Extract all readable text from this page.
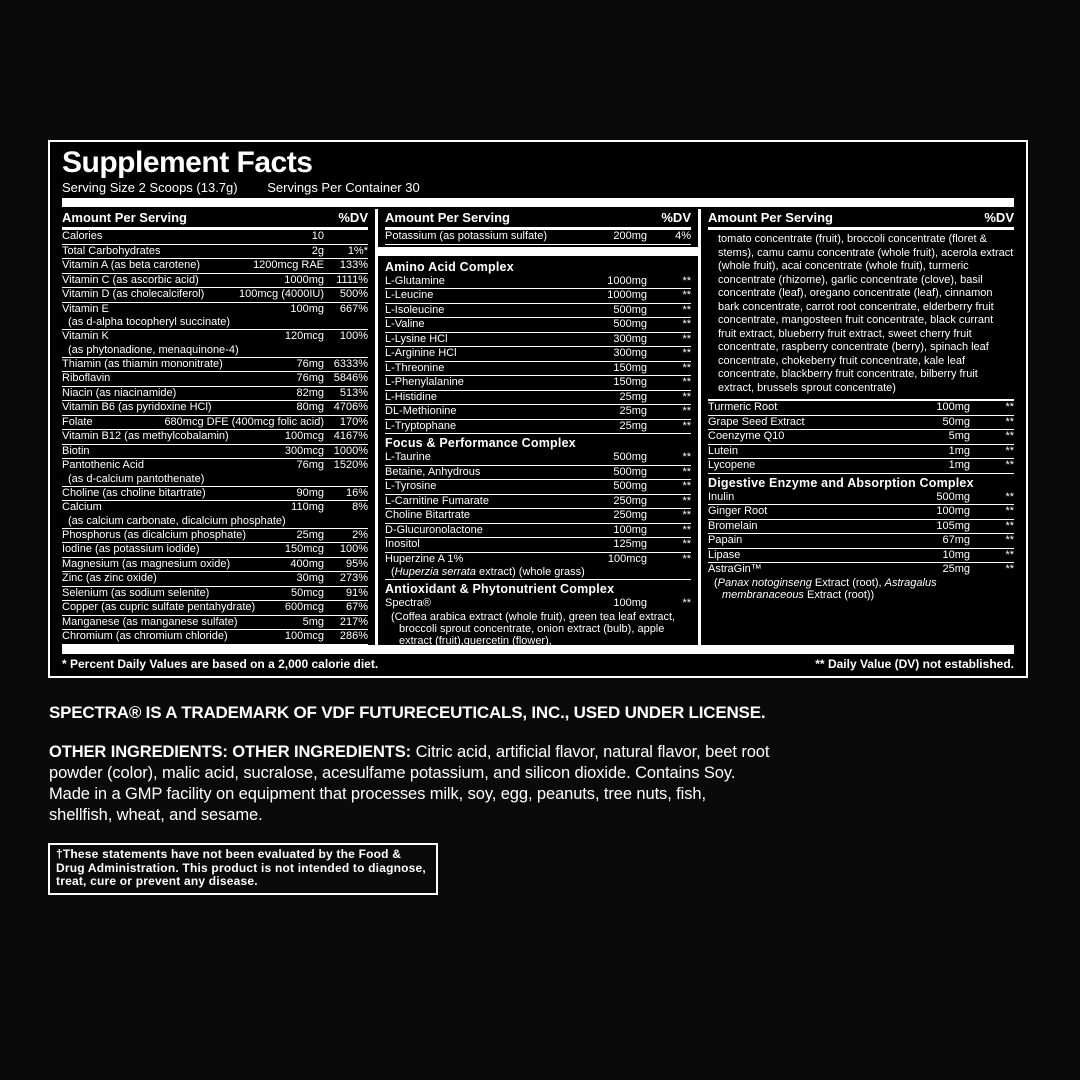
Supplement Facts
Serving Size 2 Scoops (13.7g) Servings Per Container 30
Amount Per Serving	%DV
Calories	10
Total Carbohydrates	2g	1%*
Vitamin A (as beta carotene)	1200mcg RAE	133%
Vitamin C (as ascorbic acid)	1000mg	1111%
Vitamin D (as cholecalciferol)	100mcg (4000IU)	500%
Vitamin E	100mg	667%
(as d-alpha tocopheryl succinate)
Vitamin K	120mcg	100%
(as phytonadione, menaquinone-4)
Thiamin (as thiamin mononitrate)	76mg 6333%
Riboflavin	76mg 5846%
Niacin (as niacinamide)	82mg	513%
Vitamin B6 (as pyridoxine HCl)	80mg 4706%
Folate	680mcg DFE (400mcg folic acid)	170%
Vitamin B12 (as methylcobalamin)	100mcg 4167%
Biotin	300mcg 1000%
Pantothenic Acid	76mg 1520%
(as d-calcium pantothenate)
Choline (as choline bitartrate)	90mg	16%
Calcium	110mg	8%
(as calcium carbonate, dicalcium phosphate)
Phosphorus (as dicalcium phosphate)	25mg	2%
Iodine (as potassium iodide)	150mcg	100%
Magnesium (as magnesium oxide)	400mg	95%
Zinc (as zinc oxide)	30mg	273%
Selenium (as sodium selenite)	50mcg	91%
Copper (as cupric sulfate pentahydrate)	600mcg	67%
Manganese (as manganese sulfate)	5mg	217%
Chromium (as chromium chloride)	100mcg	286%
Amount Per Serving	%DV
Potassium (as potassium sulfate)	200mg	4%
Amino Acid Complex
L-Glutamine	1000mg	**
L-Leucine	1000mg	**
L-Isoleucine	500mg	**
L-Valine	500mg	**
L-Lysine HCl	300mg	**
L-Arginine HCl	300mg	**
L-Threonine	150mg	**
L-Phenylalanine	150mg	**
L-Histidine	25mg	**
DL-Methionine	25mg	**
L-Tryptophane	25mg	**
Focus & Performance Complex
L-Taurine	500mg	**
Betaine, Anhydrous	500mg	**
L-Tyrosine	500mg	**
L-Carnitine Fumarate	250mg	**
Choline Bitartrate	250mg	**
D-Glucuronolactone	100mg	**
Inositol	125mg	**
Huperzine A 1%	100mcg	**
(Huperzia serrata extract) (whole grass)
Antioxidant & Phytonutrient Complex
Spectra®	100mg	**
(Coffea arabica extract (whole fruit), green tea leaf extract, broccoli sprout concentrate, onion extract (bulb), apple extract (fruit),quercetin (flower),
Amount Per Serving	%DV
tomato concentrate (fruit), broccoli concentrate (floret & stems), camu camu concentrate (whole fruit), acerola extract (whole fruit), acai concentrate (whole fruit), turmeric concentrate (rhizome), garlic concentrate (clove), basil concentrate (leaf), oregano concentrate (leaf), cinnamon bark concentrate, carrot root concentrate, elderberry fruit concentrate, mangosteen fruit concentrate, black currant fruit extract, blueberry fruit extract, sweet cherry fruit concentrate, raspberry concentrate (berry), spinach leaf concentrate, chokeberry fruit concentrate, kale leaf concentrate, blackberry fruit concentrate, bilberry fruit extract, brussels sprout concentrate)
Turmeric Root	100mg	**
Grape Seed Extract	50mg	**
Coenzyme Q10	5mg	**
Lutein	1mg	**
Lycopene	1mg	**
Digestive Enzyme and Absorption Complex
Inulin	500mg	**
Ginger Root	100mg	**
Bromelain	105mg	**
Papain	67mg	**
Lipase	10mg	**
AstraGin™	25mg	**
(Panax notoginseng Extract (root), Astragalus membranaceous Extract (root))
* Percent Daily Values are based on a 2,000 calorie diet.	** Daily Value (DV) not established.
SPECTRA® IS A TRADEMARK OF VDF FUTURECEUTICALS, INC., USED UNDER LICENSE.
OTHER INGREDIENTS: OTHER INGREDIENTS: Citric acid, artificial flavor, natural flavor, beet root powder (color), malic acid, sucralose, acesulfame potassium, and silicon dioxide. Contains Soy. Made in a GMP facility on equipment that processes milk, soy, egg, peanuts, tree nuts, fish, shellfish, wheat, and sesame.
†These statements have not been evaluated by the Food & Drug Administration. This product is not intended to diagnose, treat, cure or prevent any disease.
